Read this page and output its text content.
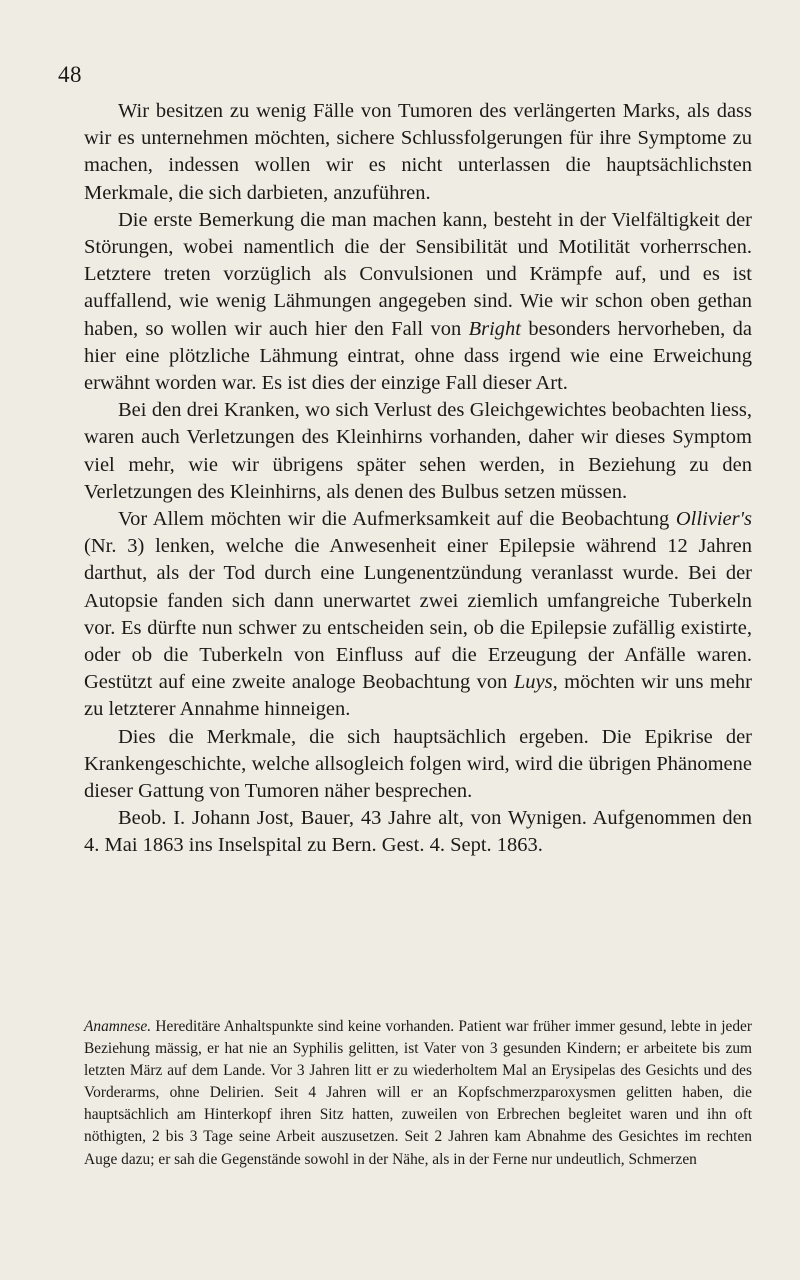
48

Wir besitzen zu wenig Fälle von Tumoren des verlängerten Marks, als dass wir es unternehmen möchten, sichere Schlussfolgerungen für ihre Symptome zu machen, indessen wollen wir es nicht unterlassen die hauptsächlichsten Merkmale, die sich darbieten, anzuführen.

Die erste Bemerkung die man machen kann, besteht in der Vielfältigkeit der Störungen, wobei namentlich die der Sensibilität und Motilität vorherrschen. Letztere treten vorzüglich als Convulsionen und Krämpfe auf, und es ist auffallend, wie wenig Lähmungen angegeben sind. Wie wir schon oben gethan haben, so wollen wir auch hier den Fall von Bright besonders hervorheben, da hier eine plötzliche Lähmung eintrat, ohne dass irgend wie eine Erweichung erwähnt worden war. Es ist dies der einzige Fall dieser Art.

Bei den drei Kranken, wo sich Verlust des Gleichgewichtes beobachten liess, waren auch Verletzungen des Kleinhirns vorhanden, daher wir dieses Symptom viel mehr, wie wir übrigens später sehen werden, in Beziehung zu den Verletzungen des Kleinhirns, als denen des Bulbus setzen müssen.

Vor Allem möchten wir die Aufmerksamkeit auf die Beobachtung Ollivier's (Nr. 3) lenken, welche die Anwesenheit einer Epilepsie während 12 Jahren darthut, als der Tod durch eine Lungenentzündung veranlasst wurde. Bei der Autopsie fanden sich dann unerwartet zwei ziemlich umfangreiche Tuberkeln vor. Es dürfte nun schwer zu entscheiden sein, ob die Epilepsie zufällig existirte, oder ob die Tuberkeln von Einfluss auf die Erzeugung der Anfälle waren. Gestützt auf eine zweite analoge Beobachtung von Luys, möchten wir uns mehr zu letzterer Annahme hinneigen.

Dies die Merkmale, die sich hauptsächlich ergeben. Die Epikrise der Krankengeschichte, welche allsogleich folgen wird, wird die übrigen Phänomene dieser Gattung von Tumoren näher besprechen.

Beob. I. Johann Jost, Bauer, 43 Jahre alt, von Wynigen. Aufgenommen den 4. Mai 1863 ins Inselspital zu Bern. Gest. 4. Sept. 1863.

Anamnese. Hereditäre Anhaltspunkte sind keine vorhanden. Patient war früher immer gesund, lebte in jeder Beziehung mässig, er hat nie an Syphilis gelitten, ist Vater von 3 gesunden Kindern; er arbeitete bis zum letzten März auf dem Lande. Vor 3 Jahren litt er zu wiederholtem Mal an Erysipelas des Gesichts und des Vorderarms, ohne Delirien. Seit 4 Jahren will er an Kopfschmerzparoxysmen gelitten haben, die hauptsächlich am Hinterkopf ihren Sitz hatten, zuweilen von Erbrechen begleitet waren und ihn oft nöthigten, 2 bis 3 Tage seine Arbeit auszusetzen. Seit 2 Jahren kam Abnahme des Gesichtes im rechten Auge dazu; er sah die Gegenstände sowohl in der Nähe, als in der Ferne nur undeutlich, Schmerzen
